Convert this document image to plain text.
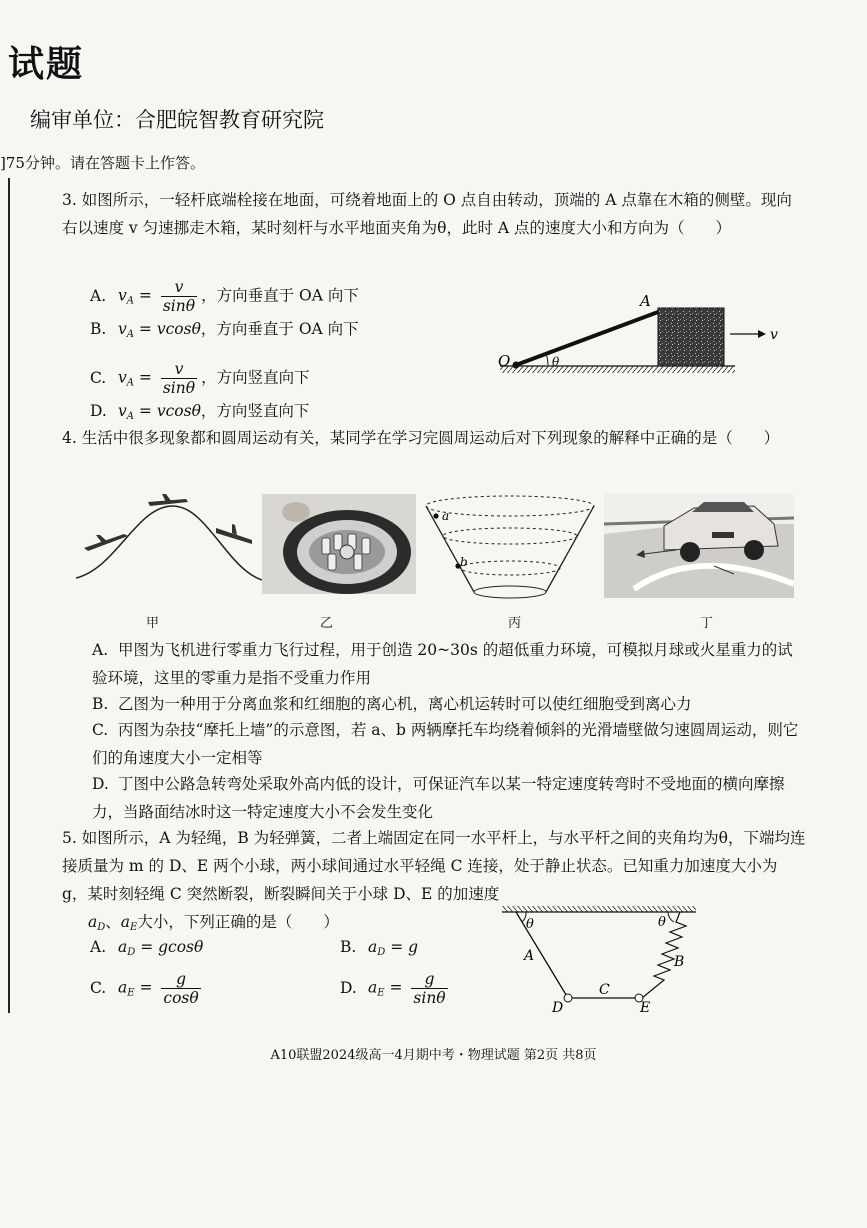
试题
编审单位：合肥皖智教育研究院
]75分钟。请在答题卡上作答。
3. 如图所示，一轻杆底端栓接在地面，可绕着地面上的 O 点自由转动，顶端的 A 点靠在木箱的侧壁。现向右以速度 v 匀速挪走木箱，某时刻杆与水平地面夹角为θ，此时 A 点的速度大小和方向为（　　）
A. $v_A = \frac{v}{\sin\theta}$ ，方向垂直于 OA 向下
B. $v_A = vcos\theta$，方向垂直于 OA 向下
C. $v_A = \frac{v}{\sin\theta}$ ，方向竖直向下
D. $v_A = vcos\theta$，方向竖直向下
A
O	θ
v
4. 生活中很多现象都和圆周运动有关，某同学在学习完圆周运动后对下列现象的解释中正确的是（　　）
a
b
甲	乙	丙	丁
A. 甲图为飞机进行零重力飞行过程，用于创造 20~30s 的超低重力环境，可模拟月球或火星重力的试验环境，这里的零重力是指不受重力作用
B. 乙图为一种用于分离血浆和红细胞的离心机，离心机运转时可以使红细胞受到离心力
C. 丙图为杂技“摩托上墙”的示意图，若 a、b 两辆摩托车均绕着倾斜的光滑墙壁做匀速圆周运动，则它们的角速度大小一定相等
D. 丁图中公路急转弯处采取外高内低的设计，可保证汽车以某一特定速度转弯时不受地面的横向摩擦力，当路面结冰时这一特定速度大小不会发生变化
5. 如图所示，A 为轻绳，B 为轻弹簧，二者上端固定在同一水平杆上，与水平杆之间的夹角均为θ，下端均连接质量为 m 的 D、E 两个小球，两小球间通过水平轻绳 C 连接，处于静止状态。已知重力加速度大小为 g，某时刻轻绳 C 突然断裂，断裂瞬间关于小球 D、E 的加速度
$a_D$、$a_E$大小，下列正确的是（　　）
A. $a_D = gcos\theta$	B. $a_D = g$
C. $a_E = \frac{g}{\cos\theta}$	D. $a_E = \frac{g}{\sin\theta}$
θ	θ
A	B
C
D	E
A10联盟2024级高一4月期中考・物理试题 第2页 共8页
